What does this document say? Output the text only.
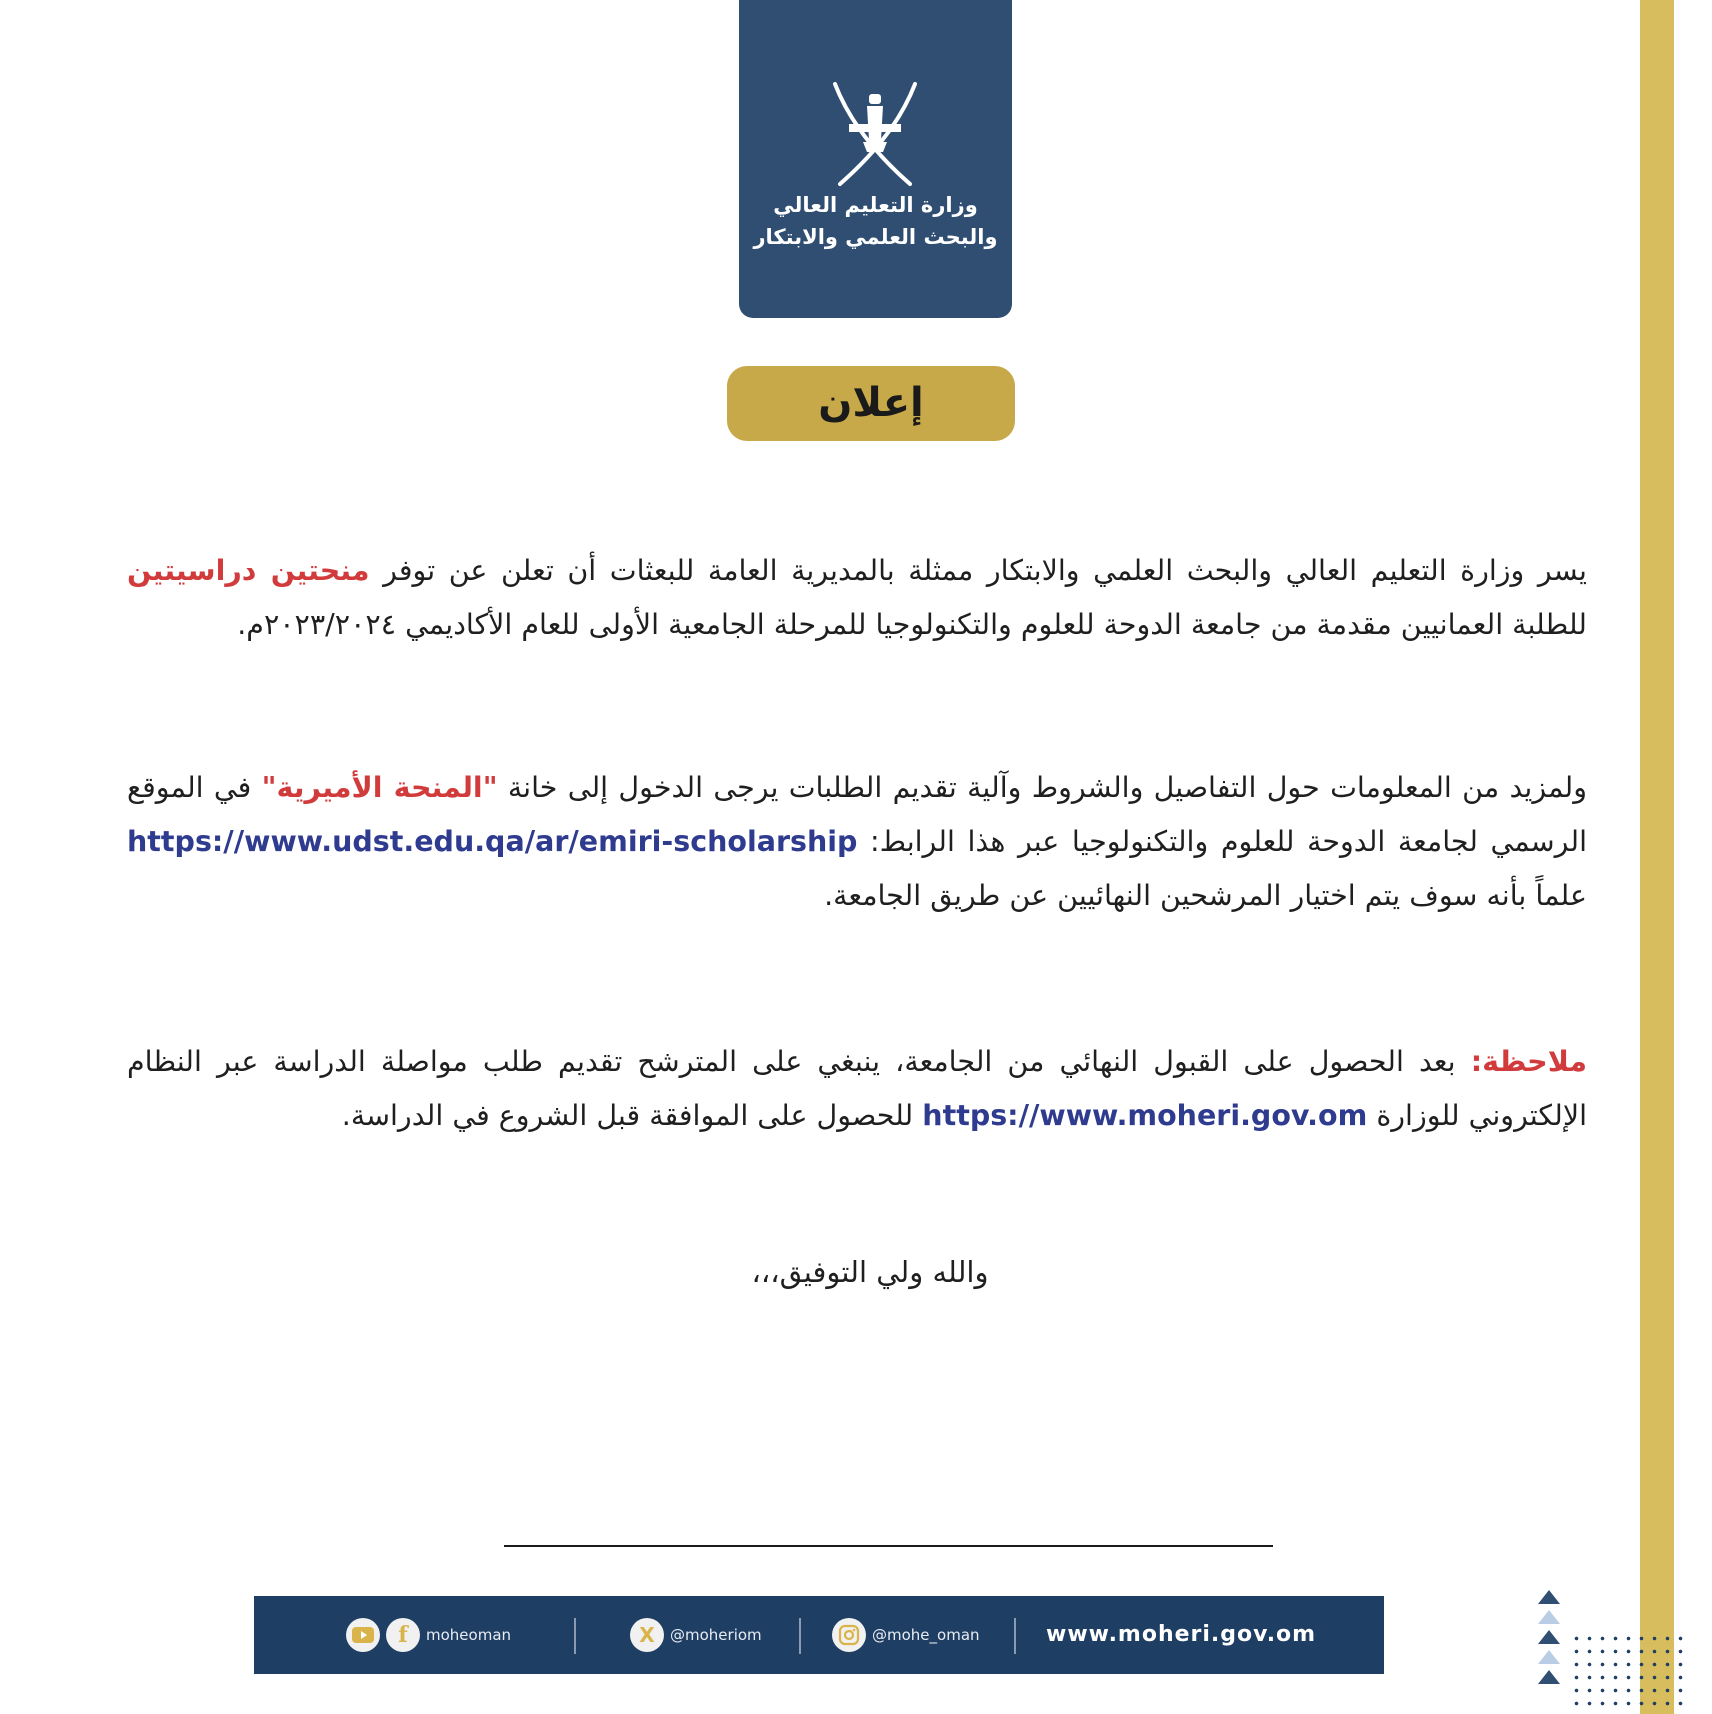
وزارة التعليم العالي
والبحث العلمي والابتكار
إعلان
يسر وزارة التعليم العالي والبحث العلمي والابتكار ممثلة بالمديرية العامة للبعثات أن تعلن عن توفر منحتين دراسيتين للطلبة العمانيين مقدمة من جامعة الدوحة للعلوم والتكنولوجيا للمرحلة الجامعية الأولى للعام الأكاديمي ٢٠٢٣/٢٠٢٤م.
ولمزيد من المعلومات حول التفاصيل والشروط وآلية تقديم الطلبات يرجى الدخول إلى خانة "المنحة الأميرية" في الموقع الرسمي لجامعة الدوحة للعلوم والتكنولوجيا عبر هذا الرابط: https://www.udst.edu.qa/ar/emiri-scholarship علماً بأنه سوف يتم اختيار المرشحين النهائيين عن طريق الجامعة.
ملاحظة: بعد الحصول على القبول النهائي من الجامعة، ينبغي على المترشح تقديم طلب مواصلة الدراسة عبر النظام الإلكتروني للوزارة https://www.moheri.gov.om للحصول على الموافقة قبل الشروع في الدراسة.
والله ولي التوفيق،،،
f	moheoman	X	@moheriom	@mohe_oman	www.moheri.gov.om
